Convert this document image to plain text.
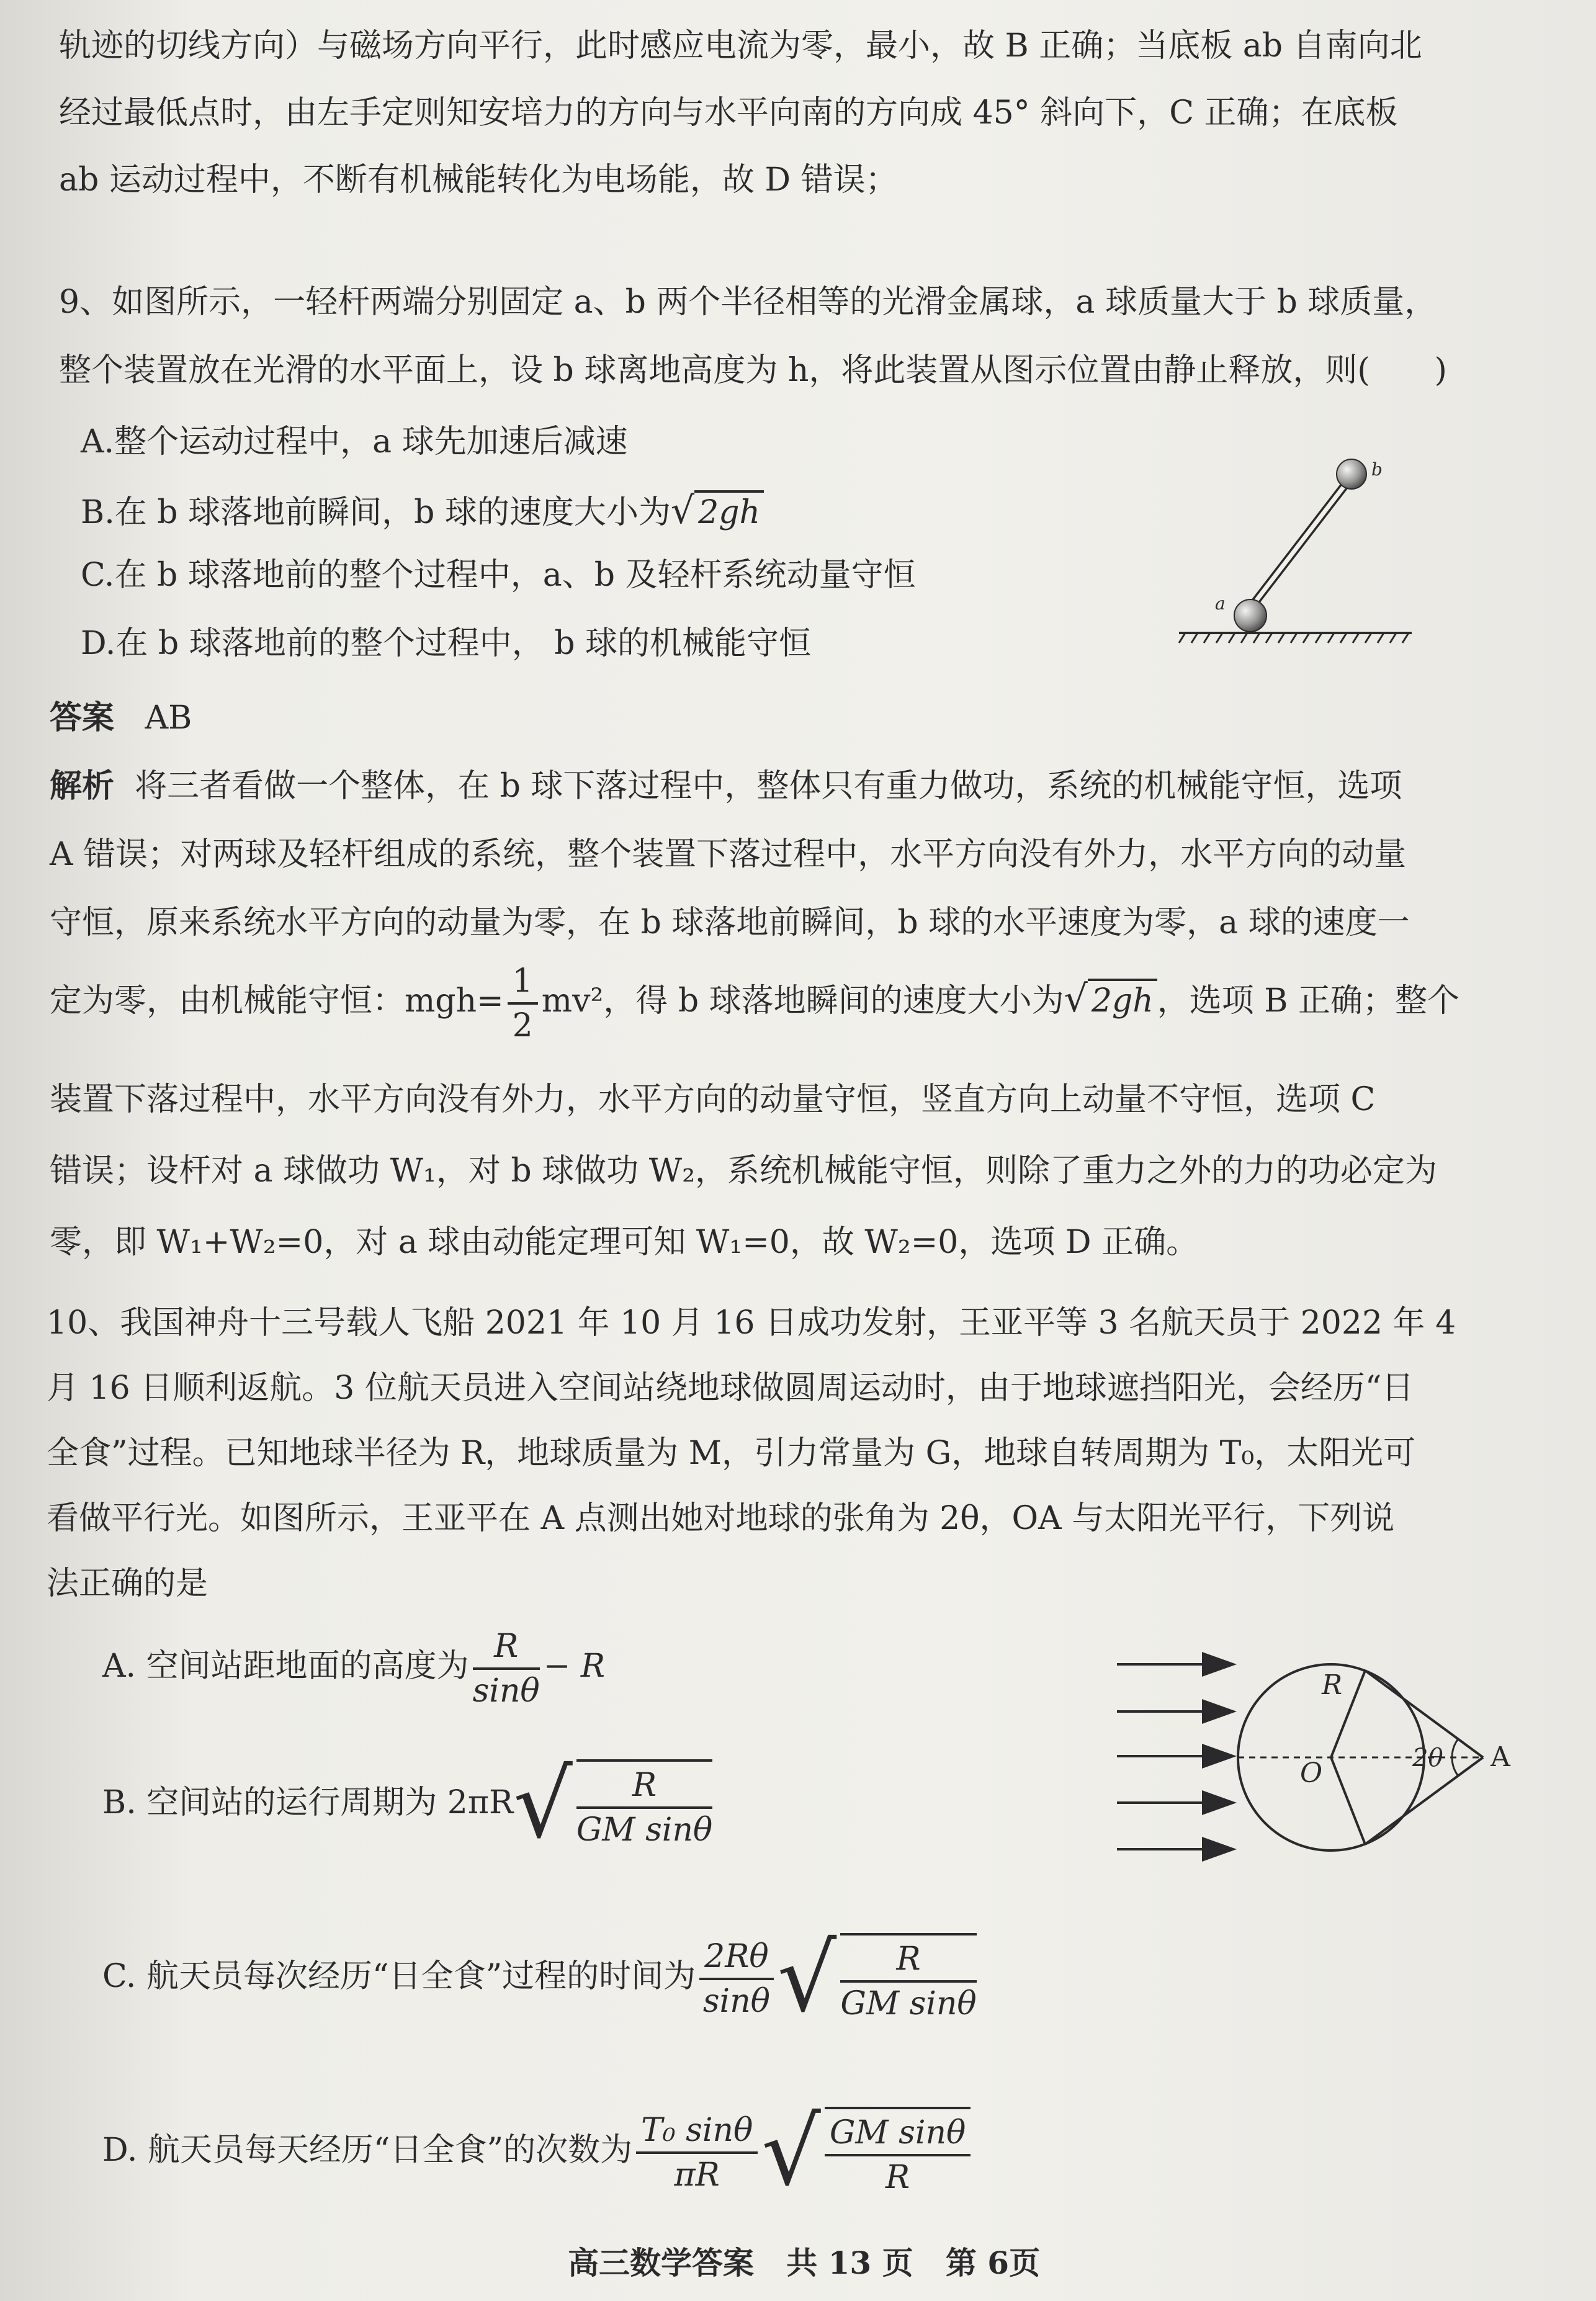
轨迹的切线方向）与磁场方向平行，此时感应电流为零，最小，故 B 正确；当底板 ab 自南向北
经过最低点时，由左手定则知安培力的方向与水平向南的方向成 45° 斜向下，C 正确；在底板
ab 运动过程中，不断有机械能转化为电场能，故 D 错误；
9、如图所示，一轻杆两端分别固定 a、b 两个半径相等的光滑金属球，a 球质量大于 b 球质量，
整个装置放在光滑的水平面上，设 b 球离地高度为 h，将此装置从图示位置由静止释放，则(　　)
A.整个运动过程中，a 球先加速后减速
B.在 b 球落地前瞬间，b 球的速度大小为√ 2gh
C.在 b 球落地前的整个过程中，a、b 及轻杆系统动量守恒
D.在 b 球落地前的整个过程中， b 球的机械能守恒
a
b
答案 AB
解析 将三者看做一个整体，在 b 球下落过程中，整体只有重力做功，系统的机械能守恒，选项
A 错误；对两球及轻杆组成的系统，整个装置下落过程中，水平方向没有外力，水平方向的动量
守恒，原来系统水平方向的动量为零，在 b 球落地前瞬间，b 球的水平速度为零，a 球的速度一
定为零，由机械能守恒：$mgh= \frac{1}{2} mv^2$，得 b 球落地瞬间的速度大小为√ 2gh ，选项 B 正确；整个
装置下落过程中，水平方向没有外力，水平方向的动量守恒，竖直方向上动量不守恒，选项 C
错误；设杆对 a 球做功 W₁，对 b 球做功 W₂，系统机械能守恒，则除了重力之外的力的功必定为
零，即 W₁+W₂=0，对 a 球由动能定理可知 W₁=0，故 W₂=0，选项 D 正确。
10、我国神舟十三号载人飞船 2021 年 10 月 16 日成功发射，王亚平等 3 名航天员于 2022 年 4
月 16 日顺利返航。3 位航天员进入空间站绕地球做圆周运动时，由于地球遮挡阳光，会经历“日
全食”过程。已知地球半径为 R，地球质量为 M，引力常量为 G，地球自转周期为 T₀，太阳光可
看做平行光。如图所示，王亚平在 A 点测出她对地球的张角为 2θ，OA 与太阳光平行，下列说
法正确的是
A. 空间站距地面的高度为 $\frac{R}{\sin\theta} - R$
B. 空间站的运行周期为 $2\pi R√ \frac{R}{\text{GM sinθ}}$
C. 航天员每次经历“日全食”过程的时间为 $\frac{2R\theta}{\sin\theta}$ √ $\frac{R}{\text{GM sinθ}}$
D. 航天员每天经历“日全食”的次数为 $\frac{\text{T₀ sinθ}}{\pi R}$ √ $\frac{\text{GM sinθ}}{R}$
R
O	2θ A
高三数学答案 共 13 页 第 6页
